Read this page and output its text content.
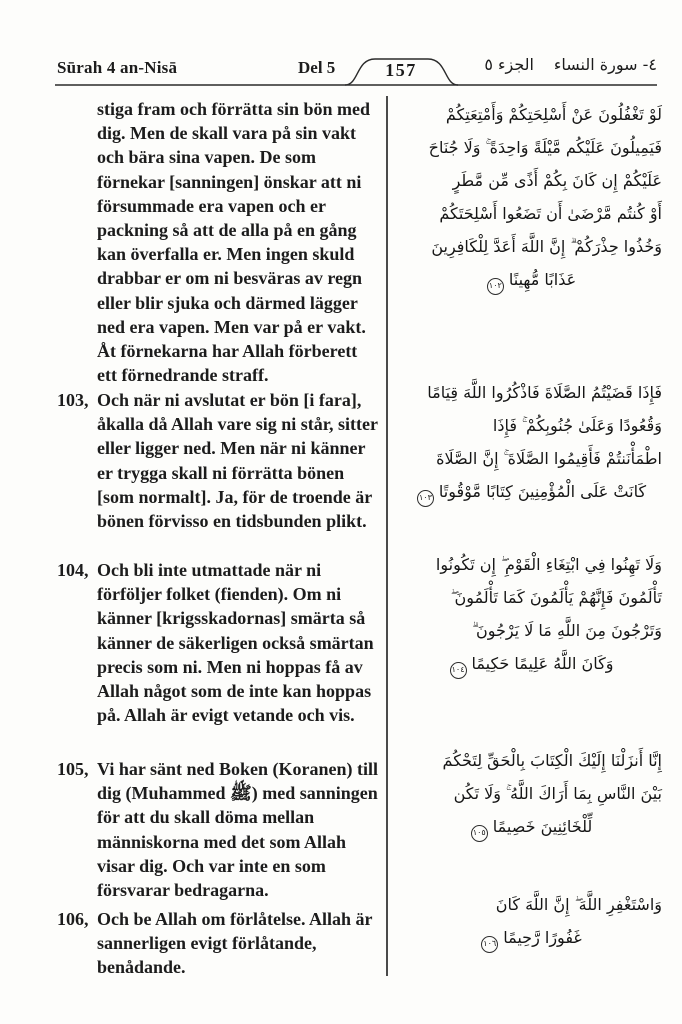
Sūrah 4 an-Nisā	Del 5	157	الجزء ٥ ٤- سورة النساء
stiga fram och förrätta sin bön med dig. Men de skall vara på sin vakt och bära sina vapen. De som förnekar [sanningen] önskar att ni försummade era vapen och er packning så att de alla på en gång kan överfalla er. Men ingen skuld drabbar er om ni besväras av regn eller blir sjuka och därmed lägger ned era vapen. Men var på er vakt. Åt förnekarna har Allah förberett ett förnedrande straff.
103, Och när ni avslutat er bön [i fara], åkalla då Allah vare sig ni står, sitter eller ligger ned. Men när ni känner er trygga skall ni förrätta bönen [som normalt]. Ja, för de troende är bönen förvisso en tidsbunden plikt.
104, Och bli inte utmattade när ni förföljer folket (fienden). Om ni känner [krigsskadornas] smärta så känner de säkerligen också smärtan precis som ni. Men ni hoppas få av Allah något som de inte kan hoppas på. Allah är evigt vetande och vis.
105, Vi har sänt ned Boken (Koranen) till dig (Muhammed ﷺ) med sanningen för att du skall döma mellan människorna med det som Allah visar dig. Och var inte en som försvarar bedragarna.
106, Och be Allah om förlåtelse. Allah är sannerligen evigt förlåtande, benådande.
لَوْ تَغْفُلُونَ عَنْ أَسْلِحَتِكُمْ وَأَمْتِعَتِكُمْ
فَيَمِيلُونَ عَلَيْكُم مَّيْلَةً وَاحِدَةً ۚ وَلَا جُنَاحَ
عَلَيْكُمْ إِن كَانَ بِكُمْ أَذًى مِّن مَّطَرٍ
أَوْ كُنتُم مَّرْضَىٰ أَن تَضَعُوا أَسْلِحَتَكُمْ
وَخُذُوا حِذْرَكُمْ ۗ إِنَّ اللَّهَ أَعَدَّ لِلْكَافِرِينَ
عَذَابًا مُّهِينًا١٠٢
فَإِذَا قَضَيْتُمُ الصَّلَاةَ فَاذْكُرُوا اللَّهَ قِيَامًا
وَقُعُودًا وَعَلَىٰ جُنُوبِكُمْ ۚ فَإِذَا
اطْمَأْنَنتُمْ فَأَقِيمُوا الصَّلَاةَ ۚ إِنَّ الصَّلَاةَ
كَانَتْ عَلَى الْمُؤْمِنِينَ كِتَابًا مَّوْقُوتًا١٠٣
وَلَا تَهِنُوا فِي ابْتِغَاءِ الْقَوْمِ ۖ إِن تَكُونُوا
تَأْلَمُونَ فَإِنَّهُمْ يَأْلَمُونَ كَمَا تَأْلَمُونَ ۖ
وَتَرْجُونَ مِنَ اللَّهِ مَا لَا يَرْجُونَ ۗ
وَكَانَ اللَّهُ عَلِيمًا حَكِيمًا١٠٤
إِنَّا أَنزَلْنَا إِلَيْكَ الْكِتَابَ بِالْحَقِّ لِتَحْكُمَ
بَيْنَ النَّاسِ بِمَا أَرَاكَ اللَّهُ ۚ وَلَا تَكُن
لِّلْخَائِنِينَ خَصِيمًا١٠٥
وَاسْتَغْفِرِ اللَّهَ ۖ إِنَّ اللَّهَ كَانَ
غَفُورًا رَّحِيمًا١٠٦
